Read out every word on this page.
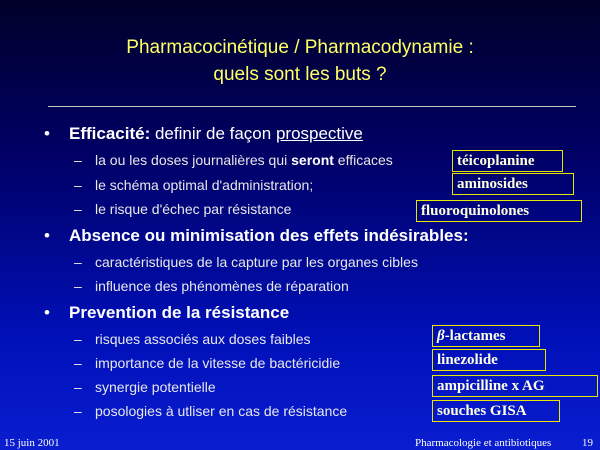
Pharmacocinétique / Pharmacodynamie :
quels sont les buts ?
• Efficacité: definir de façon prospective
– la ou les doses journalières qui seront efficaces
– le schéma optimal d'administration;
– le risque d'échec par résistance
• Absence ou minimisation des effets indésirables:
– caractéristiques de la capture par les organes cibles
– influence des phénomènes de réparation
• Prevention de la résistance
– risques associés aux doses faibles
– importance de la vitesse de bactéricidie
– synergie potentielle
– posologies à utliser en cas de résistance
téicoplanine
aminosides
fluoroquinolones
β-lactames
linezolide
ampicilline x AG
souches GISA
15 juin 2001	Pharmacologie et antibiotiques	19
